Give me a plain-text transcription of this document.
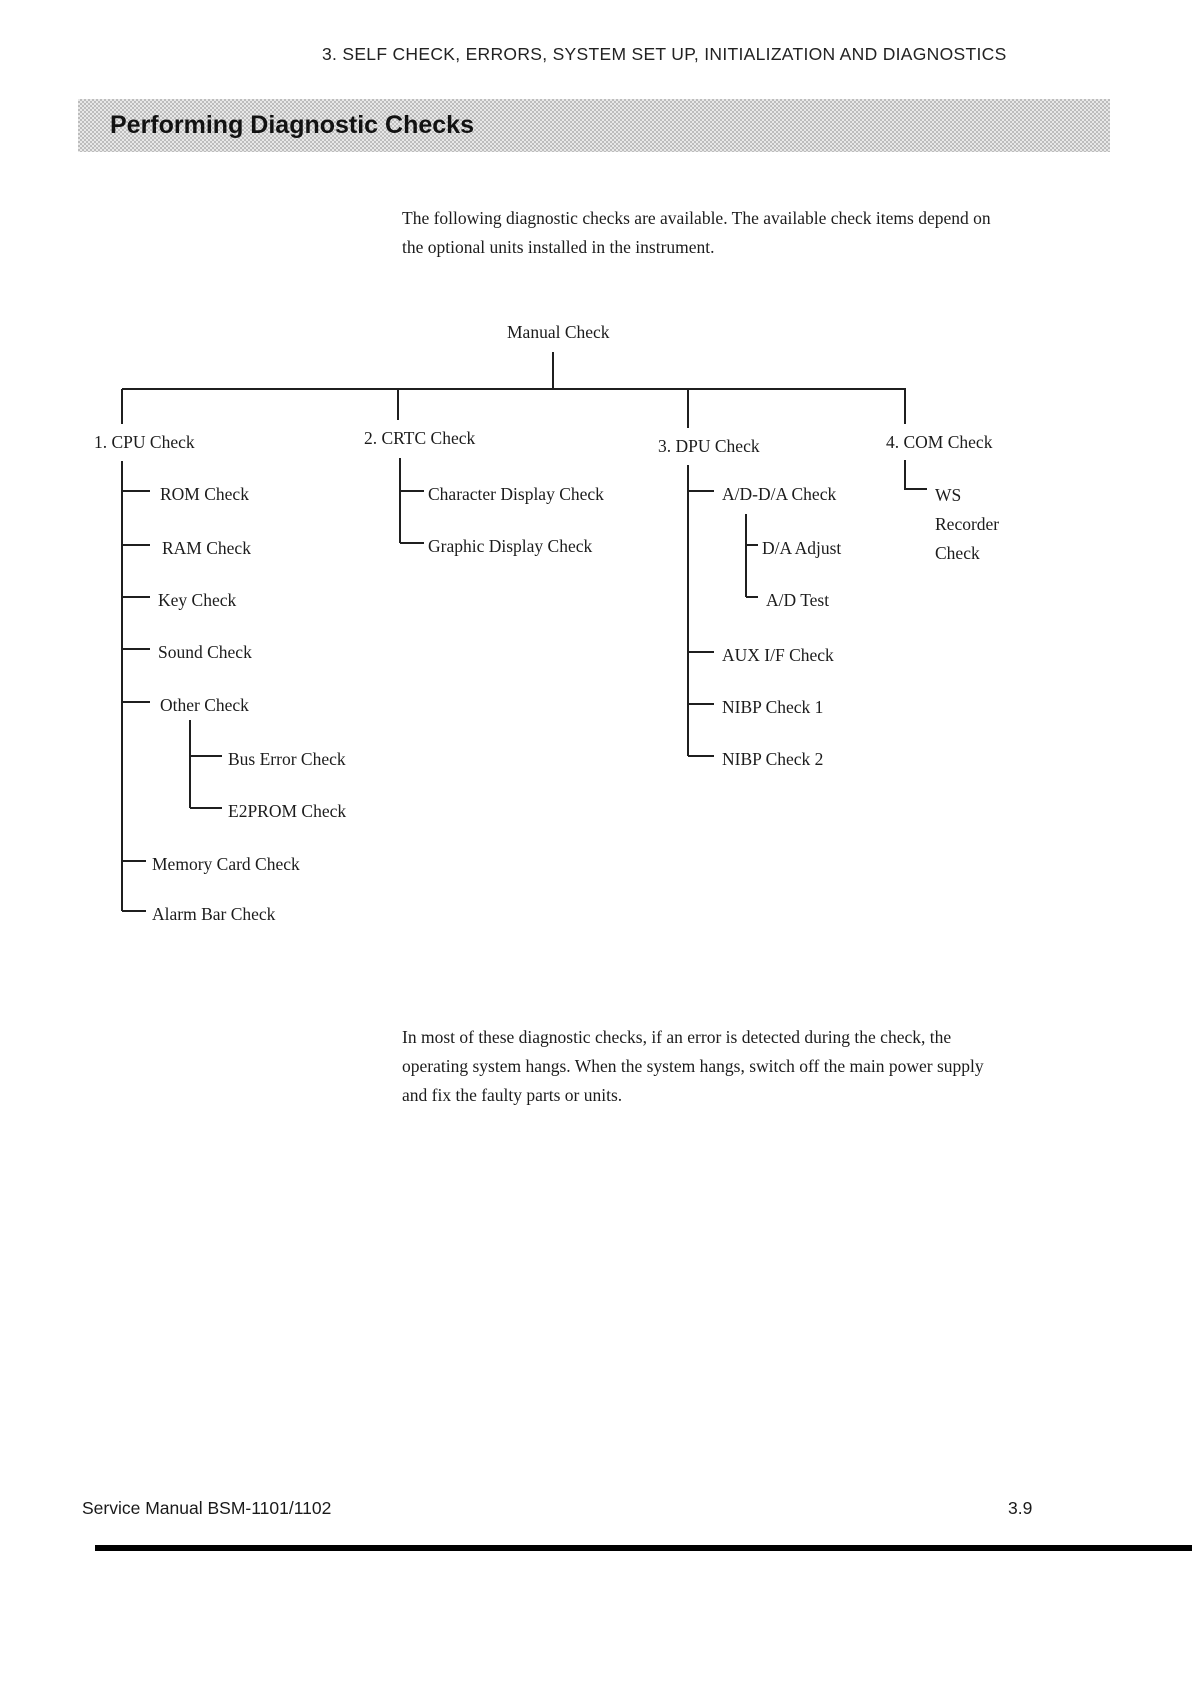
3. SELF CHECK, ERRORS, SYSTEM SET UP, INITIALIZATION AND DIAGNOSTICS
Performing Diagnostic Checks
The following diagnostic checks are available. The available check items depend on
the optional units installed in the instrument.
Manual Check
1. CPU Check	2. CRTC Check	3. DPU Check	4. COM Check
ROM Check
RAM Check
Key Check
Sound Check
Other Check
Bus Error Check
E2PROM Check
Memory Card Check
Alarm Bar Check
Character Display Check
Graphic Display Check
A/D-D/A Check
D/A Adjust
A/D Test
AUX I/F Check
NIBP Check 1
NIBP Check 2
WS
Recorder
Check
In most of these diagnostic checks, if an error is detected during the check, the
operating system hangs. When the system hangs, switch off the main power supply
and fix the faulty parts or units.
Service Manual BSM-1101/1102	3.9
